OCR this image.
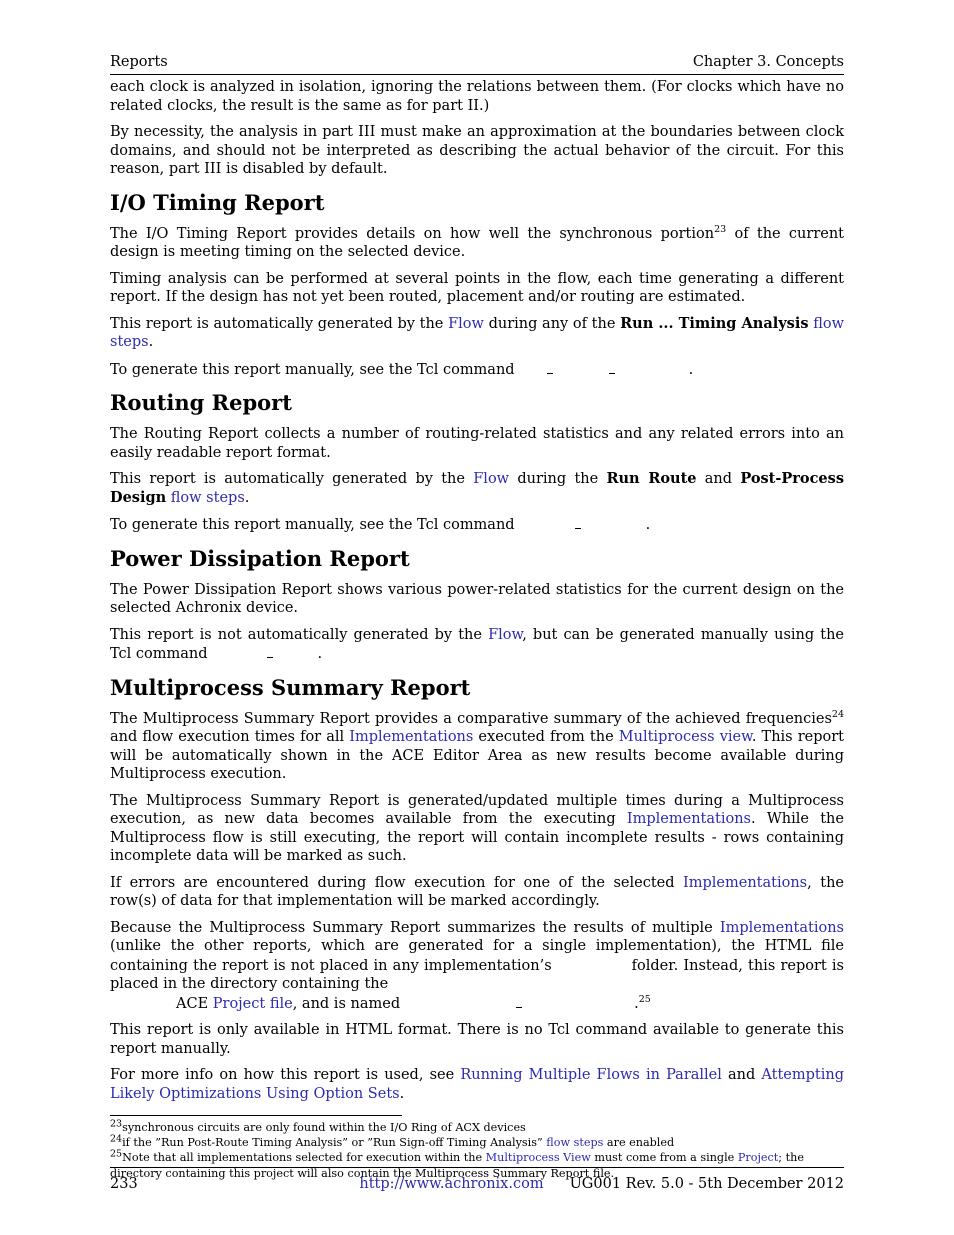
Reports	Chapter 3. Concepts

each clock is analyzed in isolation, ignoring the relations between them. (For clocks which have no related clocks, the result is the same as for part II.)

By necessity, the analysis in part III must make an approximation at the boundaries between clock domains, and should not be interpreted as describing the actual behavior of the circuit. For this reason, part III is disabled by default.

I/O Timing Report

The I/O Timing Report provides details on how well the synchronous portion$^{23}$ of the current design is meeting timing on the selected device.

Timing analysis can be performed at several points in the flow, each time generating a different report. If the design has not yet been routed, placement and/or routing are estimated.

This report is automatically generated by the Flow during any of the Run ... Timing Analysis flow steps.

To generate this report manually, see the Tcl command	.

Routing Report

The Routing Report collects a number of routing-related statistics and any related errors into an easily readable report format.

This report is automatically generated by the Flow during the Run Route and Post-Process Design flow steps.

To generate this report manually, see the Tcl command	.

Power Dissipation Report

The Power Dissipation Report shows various power-related statistics for the current design on the selected Achronix device.

This report is not automatically generated by the Flow, but can be generated manually using the Tcl command	.

Multiprocess Summary Report

The Multiprocess Summary Report provides a comparative summary of the achieved frequencies$^{24}$ and flow execution times for all Implementations executed from the Multiprocess view. This report will be automatically shown in the ACE Editor Area as new results become available during Multiprocess execution.

The Multiprocess Summary Report is generated/updated multiple times during a Multiprocess execution, as new data becomes available from the executing Implementations. While the Multiprocess flow is still executing, the report will contain incomplete results - rows containing incomplete data will be marked as such.

If errors are encountered during flow execution for one of the selected Implementations, the row(s) of data for that implementation will be marked accordingly.

Because the Multiprocess Summary Report summarizes the results of multiple Implementations (unlike the other reports, which are generated for a single implementation), the HTML file containing the report is not placed in any implementation’s	folder. Instead, this report is placed in the directory containing the
ACE Project file, and is named	.$^{25}$

This report is only available in HTML format. There is no Tcl command available to generate this report manually.

For more info on how this report is used, see Running Multiple Flows in Parallel and Attempting Likely Optimizations Using Option Sets.

$^{23}$synchronous circuits are only found within the I/O Ring of ACX devices

$^{24}$if the ”Run Post-Route Timing Analysis” or ”Run Sign-off Timing Analysis” flow steps are enabled

$^{25}$Note that all implementations selected for execution within the Multiprocess View must come from a single Project; the directory containing this project will also contain the Multiprocess Summary Report file.

233	http://www.achronix.com UG001 Rev. 5.0 - 5th December 2012
